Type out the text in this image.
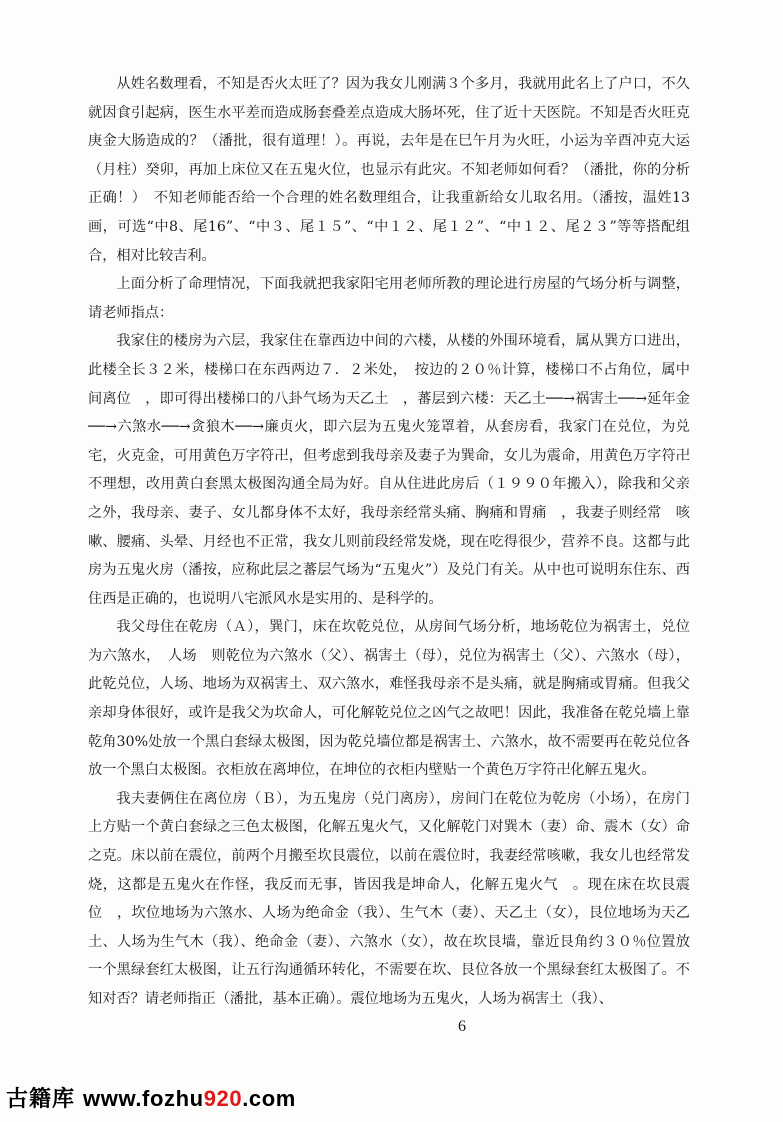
从姓名数理看，不知是否火太旺了？因为我女儿刚满３个多月，我就用此名上了户口，不久就因食引起病，医生水平差而造成肠套叠差点造成大肠坏死，住了近十天医院。不知是否火旺克庚金大肠造成的？（潘批，很有道理！）。再说，去年是在巳午月为火旺，小运为辛酉冲克大运（月柱）癸卯，再加上床位又在五鬼火位，也显示有此灾。不知老师如何看？（潘批，你的分析正确！）　不知老师能否给一个合理的姓名数理组合，让我重新给女儿取名用。（潘按，温姓13画，可选“中8、尾16”、“中３、尾１５”、“中１２、尾１２”、“中１２、尾２３”等等搭配组合，相对比较吉利。

上面分析了命理情况，下面我就把我家阳宅用老师所教的理论进行房屋的气场分析与调整，请老师指点：

我家住的楼房为六层，我家住在靠西边中间的六楼，从楼的外围环境看，属从巽方口进出，此楼全长３２米，楼梯口在东西两边７．２米处，　按边的２０％计算，楼梯口不占角位，属中间离位　，即可得出楼梯口的八卦气场为天乙土　，蕃层到六楼：天乙土──→祸害土──→延年金──→六煞水──→贪狼木──→廉贞火，即六层为五鬼火笼罩着，从套房看，我家门在兑位，为兑宅，火克金，可用黄色万字符卍，但考虑到我母亲及妻子为巽命，女儿为震命，用黄色万字符卍不理想，改用黄白套黑太极图沟通全局为好。自从住进此房后（１９９０年搬入），除我和父亲之外，我母亲、妻子、女儿都身体不太好，我母亲经常头痛、胸痛和胃痛　，我妻子则经常　咳嗽、腰痛、头晕、月经也不正常，我女儿则前段经常发烧，现在吃得很少，营养不良。这都与此房为五鬼火房（潘按，应称此层之蕃层气场为“五鬼火”）及兑门有关。从中也可说明东住东、西住西是正确的，也说明八宅派风水是实用的、是科学的。

我父母住在乾房（Ａ），巽门，床在坎乾兑位，从房间气场分析，地场乾位为祸害土，兑位为六煞水，　人场　则乾位为六煞水（父）、祸害土（母），兑位为祸害土（父）、六煞水（母），此乾兑位，人场、地场为双祸害土、双六煞水，难怪我母亲不是头痛，就是胸痛或胃痛。但我父亲却身体很好，或许是我父为坎命人，可化解乾兑位之凶气之故吧！因此，我准备在乾兑墙上靠乾角30%处放一个黑白套绿太极图，因为乾兑墙位都是祸害土、六煞水，故不需要再在乾兑位各放一个黑白太极图。衣柜放在离坤位，在坤位的衣柜内壁贴一个黄色万字符卍化解五鬼火。

我夫妻俩住在离位房（Ｂ），为五鬼房（兑门离房），房间门在乾位为乾房（小场），在房门上方贴一个黄白套绿之三色太极图，化解五鬼火气，又化解乾门对巽木（妻）命、震木（女）命之克。床以前在震位，前两个月搬至坎艮震位，以前在震位时，我妻经常咳嗽，我女儿也经常发烧，这都是五鬼火在作怪，我反而无事，皆因我是坤命人，化解五鬼火气　。现在床在坎艮震位　，坎位地场为六煞水、人场为绝命金（我）、生气木（妻）、天乙土（女），艮位地场为天乙土、人场为生气木（我）、绝命金（妻）、六煞水（女），故在坎艮墙，靠近艮角约３０％位置放一个黑绿套红太极图，让五行沟通循环转化，不需要在坎、艮位各放一个黑绿套红太极图了。不知对否？请老师指正（潘批，基本正确）。震位地场为五鬼火，人场为祸害土（我）、

6
古籍库 www.fozhu920.com
